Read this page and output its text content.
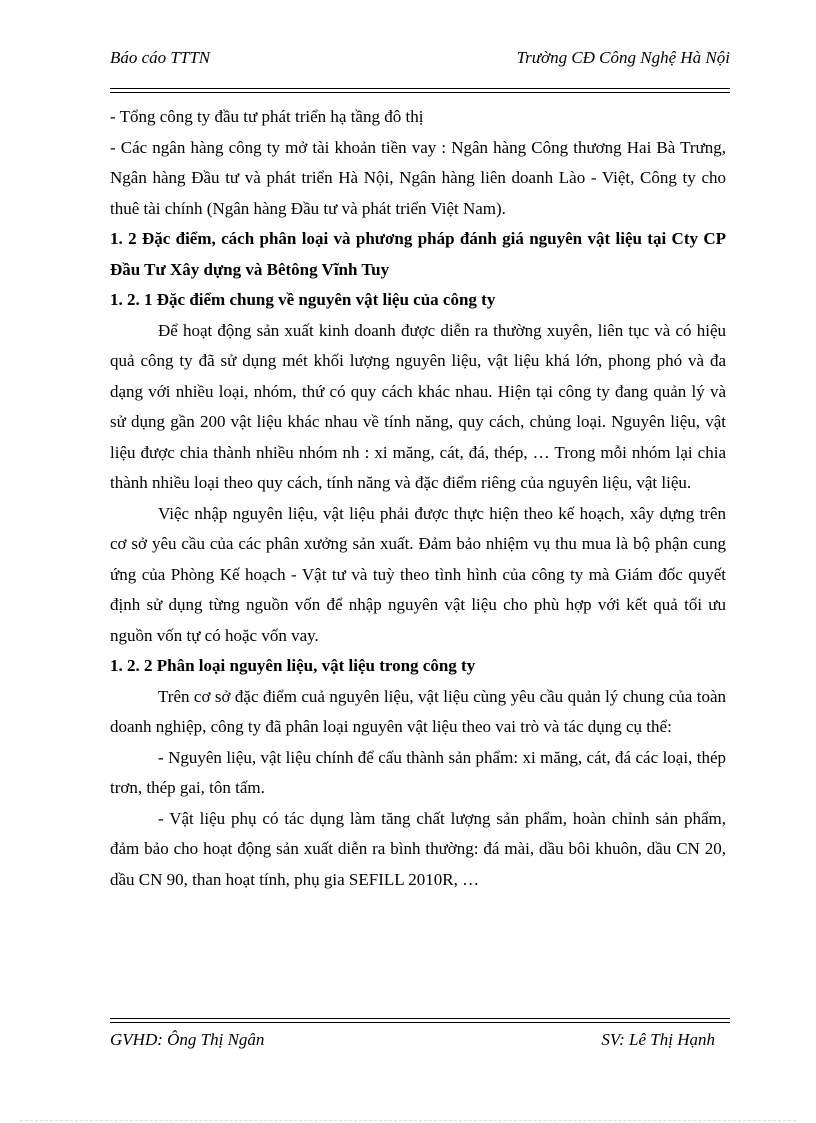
Báo cáo TTTN	Trường CĐ Công Nghệ Hà Nội

- Tổng công ty đầu tư phát triển hạ tầng đô thị

- Các ngân hàng công ty mở tài khoản tiền vay : Ngân hàng Công thương Hai Bà Trưng, Ngân hàng Đầu tư và phát triển Hà Nội, Ngân hàng liên doanh Lào - Việt, Công ty cho thuê tài chính (Ngân hàng Đầu tư và phát triển Việt Nam).

1. 2 Đặc điểm, cách phân loại và phương pháp đánh giá nguyên vật liệu tại Cty CP Đầu Tư Xây dựng và Bêtông Vĩnh Tuy

1. 2. 1 Đặc điểm chung về nguyên vật liệu của công ty

Để hoạt động sản xuất kinh doanh được diễn ra thường xuyên, liên tục và có hiệu quả công ty đã sử dụng mét khối lượng nguyên liệu, vật liệu khá lớn, phong phó và đa dạng với nhiều loại, nhóm, thứ có quy cách khác nhau. Hiện tại công ty đang quản lý và sử dụng gần 200 vật liệu khác nhau về tính năng, quy cách, chủng loại. Nguyên liệu, vật liệu được chia thành nhiều nhóm nh : xi măng, cát, đá, thép, … Trong mỗi nhóm lại chia thành nhiều loại theo quy cách, tính năng và đặc điểm riêng của nguyên liệu, vật liệu.

Việc nhập nguyên liệu, vật liệu phải được thực hiện theo kế hoạch, xây dựng trên cơ sở yêu cầu của các phân xưởng sản xuất. Đảm bảo nhiệm vụ thu mua là bộ phận cung ứng của Phòng Kế hoạch - Vật tư và tuỳ theo tình hình của công ty mà Giám đốc quyết định sử dụng từng nguồn vốn để nhập nguyên vật liệu cho phù hợp với kết quả tối ưu nguồn vốn tự có hoặc vốn vay.

1. 2. 2 Phân loại nguyên liệu, vật liệu trong công ty

Trên cơ sở đặc điểm cuả nguyên liệu, vật liệu cùng yêu cầu quản lý chung của toàn doanh nghiệp, công ty đã phân loại nguyên vật liệu theo vai trò và tác dụng cụ thể:

- Nguyên liệu, vật liệu chính để cấu thành sản phẩm: xi măng, cát, đá các loại, thép trơn, thép gai, tôn tấm.

- Vật liệu phụ có tác dụng làm tăng chất lượng sản phẩm, hoàn chỉnh sản phẩm, đảm bảo cho hoạt động sản xuất diễn ra bình thường: đá mài, dầu bôi khuôn, dầu CN 20, dầu CN 90, than hoạt tính, phụ gia SEFILL 2010R, …

GVHD: Ông Thị Ngân	SV: Lê Thị Hạnh
